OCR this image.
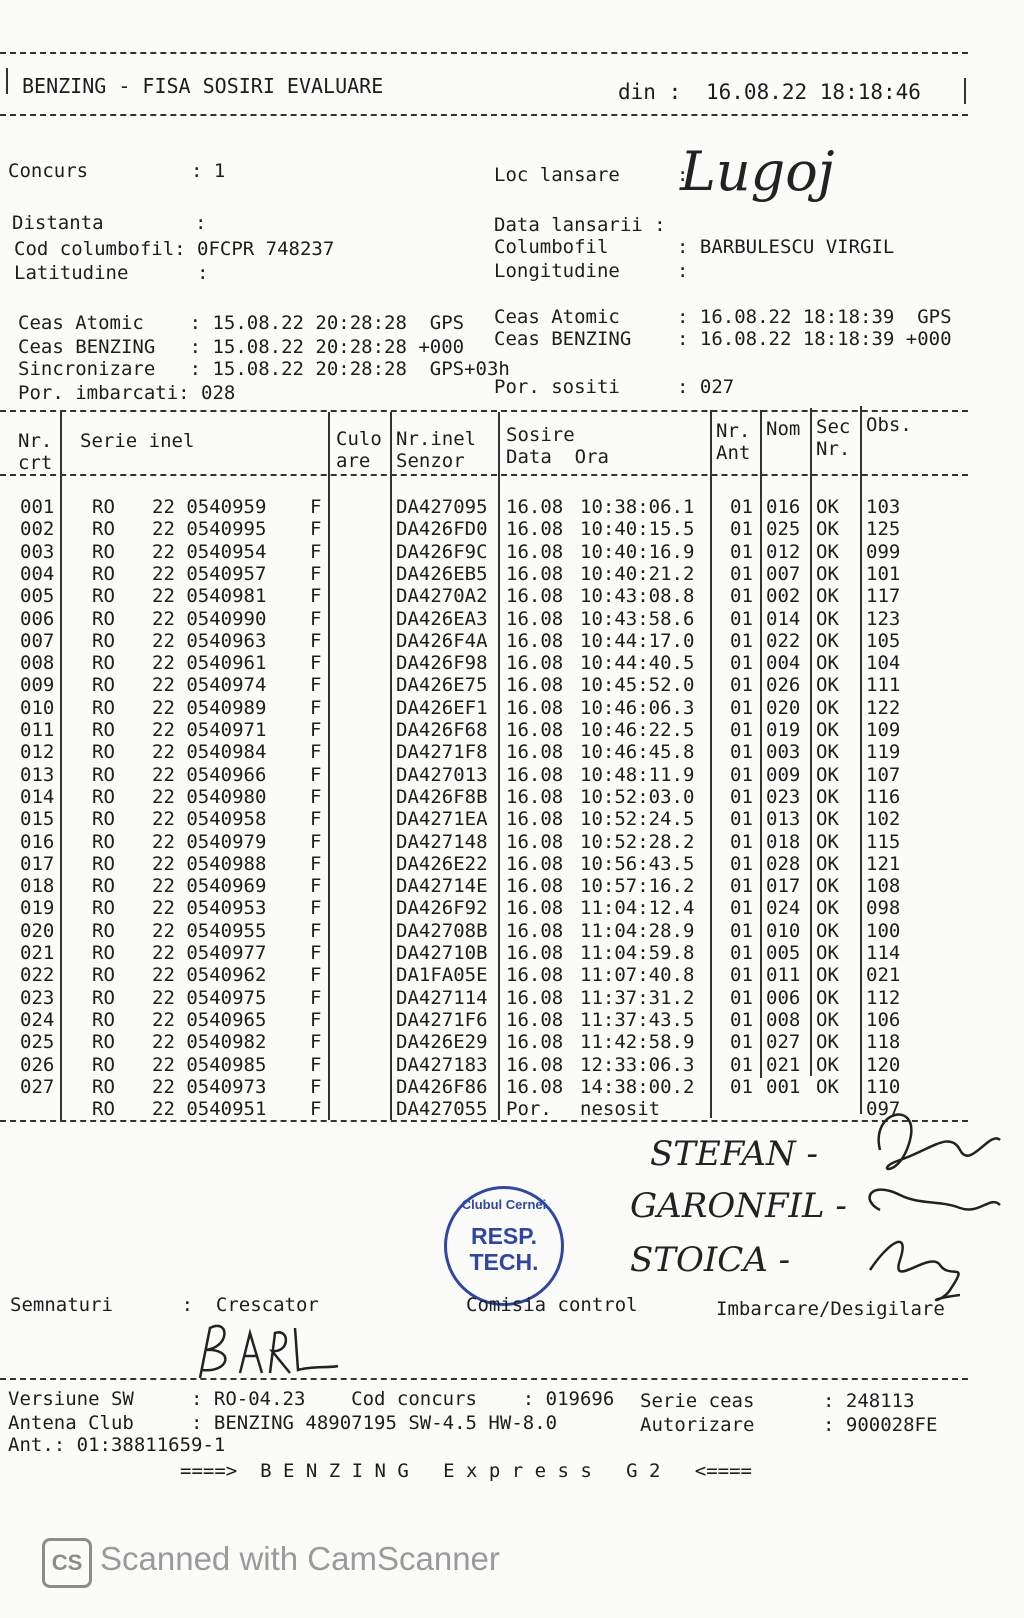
BENZING - FISA SOSIRI EVALUARE	din : 16.08.22 18:18:46
Concurs         : 1	Loc lansare     :
Lugoj
Distanta        :	Data lansarii :
Cod columbofil: 0FCPR 748237	Columbofil      : BARBULESCU VIRGIL
Latitudine      :	Longitudine     :
Ceas Atomic    : 15.08.22 20:28:28  GPS Ceas Atomic     : 16.08.22 18:18:39  GPS
Ceas BENZING   : 15.08.22 20:28:28 +000 Ceas BENZING    : 16.08.22 18:18:39 +000
Sincronizare   : 15.08.22 20:28:28  GPS+03h
Por. imbarcati: 028	Por. sositi     : 027
Nr.
crt
Serie inel	Culo
are
Nr.inel
Senzor
Sosire
Data  Ora
Nr.
Ant
Nom Sec
Nr.
Obs.
001 RO 22 0540959 F	DA427095 16.08 10:38:06.1 01 016 OK 103
002 RO 22 0540995 F	DA426FD0 16.08 10:40:15.5 01 025 OK 125
003 RO 22 0540954 F	DA426F9C 16.08 10:40:16.9 01 012 OK 099
004 RO 22 0540957 F	DA426EB5 16.08 10:40:21.2 01 007 OK 101
005 RO 22 0540981 F	DA4270A2 16.08 10:43:08.8 01 002 OK 117
006 RO 22 0540990 F	DA426EA3 16.08 10:43:58.6 01 014 OK 123
007 RO 22 0540963 F	DA426F4A 16.08 10:44:17.0 01 022 OK 105
008 RO 22 0540961 F	DA426F98 16.08 10:44:40.5 01 004 OK 104
009 RO 22 0540974 F	DA426E75 16.08 10:45:52.0 01 026 OK 111
010 RO 22 0540989 F	DA426EF1 16.08 10:46:06.3 01 020 OK 122
011 RO 22 0540971 F	DA426F68 16.08 10:46:22.5 01 019 OK 109
012 RO 22 0540984 F	DA4271F8 16.08 10:46:45.8 01 003 OK 119
013 RO 22 0540966 F	DA427013 16.08 10:48:11.9 01 009 OK 107
014 RO 22 0540980 F	DA426F8B 16.08 10:52:03.0 01 023 OK 116
015 RO 22 0540958 F	DA4271EA 16.08 10:52:24.5 01 013 OK 102
016 RO 22 0540979 F	DA427148 16.08 10:52:28.2 01 018 OK 115
017 RO 22 0540988 F	DA426E22 16.08 10:56:43.5 01 028 OK 121
018 RO 22 0540969 F	DA42714E 16.08 10:57:16.2 01 017 OK 108
019 RO 22 0540953 F	DA426F92 16.08 11:04:12.4 01 024 OK 098
020 RO 22 0540955 F	DA42708B 16.08 11:04:28.9 01 010 OK 100
021 RO 22 0540977 F	DA42710B 16.08 11:04:59.8 01 005 OK 114
022 RO 22 0540962 F	DA1FA05E 16.08 11:07:40.8 01 011 OK 021
023 RO 22 0540975 F	DA427114 16.08 11:37:31.2 01 006 OK 112
024 RO 22 0540965 F	DA4271F6 16.08 11:37:43.5 01 008 OK 106
025 RO 22 0540982 F	DA426E29 16.08 11:42:58.9 01 027 OK 118
026 RO 22 0540985 F	DA427183 16.08 12:33:06.3 01 021 OK 120
027 RO 22 0540973 F	DA426F86 16.08 14:38:00.2 01 001 OK 110
RO 22 0540951 F	DA427055 Por. nesosit	097
STEFAN -
GARONFIL -
STOICA -
Clubul Cernei
RESP.
TECH.
Semnaturi      :  Crescator	Comisia control	Imbarcare/Desigilare
Versiune SW     : RO-04.23    Cod concurs    : 019696 Serie ceas      : 248113
Antena Club     : BENZING 48907195 SW-4.5 HW-8.0	Autorizare      : 900028FE
Ant.: 01:38811659-1
====>  B E N Z I N G   E x p r e s s   G 2   <====
CS Scanned with CamScanner
